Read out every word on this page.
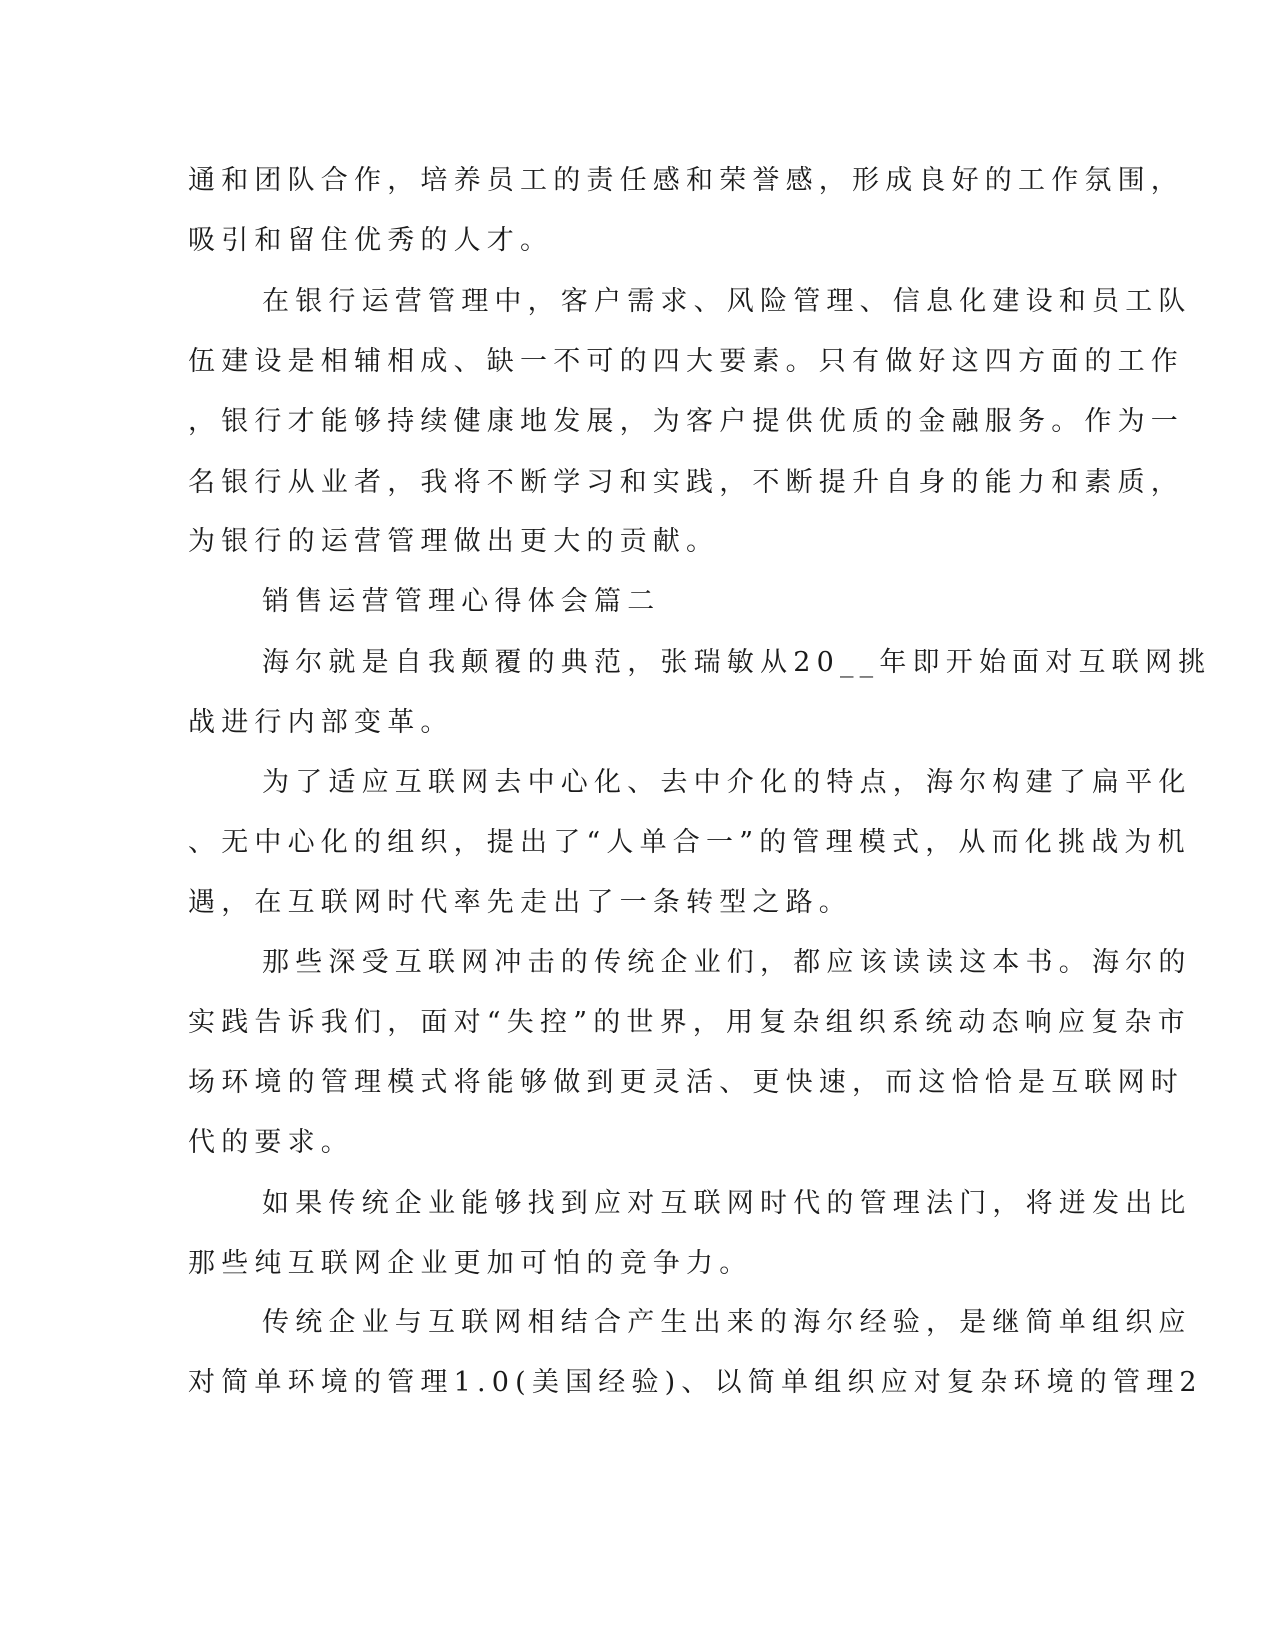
通和团队合作，培养员工的责任感和荣誉感，形成良好的工作氛围，

吸引和留住优秀的人才。

在银行运营管理中，客户需求、风险管理、信息化建设和员工队

伍建设是相辅相成、缺一不可的四大要素。只有做好这四方面的工作

，银行才能够持续健康地发展，为客户提供优质的金融服务。作为一

名银行从业者，我将不断学习和实践，不断提升自身的能力和素质，

为银行的运营管理做出更大的贡献。

销售运营管理心得体会篇二

海尔就是自我颠覆的典范，张瑞敏从20__年即开始面对互联网挑

战进行内部变革。

为了适应互联网去中心化、去中介化的特点，海尔构建了扁平化

、无中心化的组织，提出了“人单合一”的管理模式，从而化挑战为机

遇，在互联网时代率先走出了一条转型之路。

那些深受互联网冲击的传统企业们，都应该读读这本书。海尔的

实践告诉我们，面对“失控”的世界，用复杂组织系统动态响应复杂市

场环境的管理模式将能够做到更灵活、更快速，而这恰恰是互联网时

代的要求。

如果传统企业能够找到应对互联网时代的管理法门，将迸发出比

那些纯互联网企业更加可怕的竞争力。

传统企业与互联网相结合产生出来的海尔经验，是继简单组织应

对简单环境的管理1.0(美国经验)、以简单组织应对复杂环境的管理2
